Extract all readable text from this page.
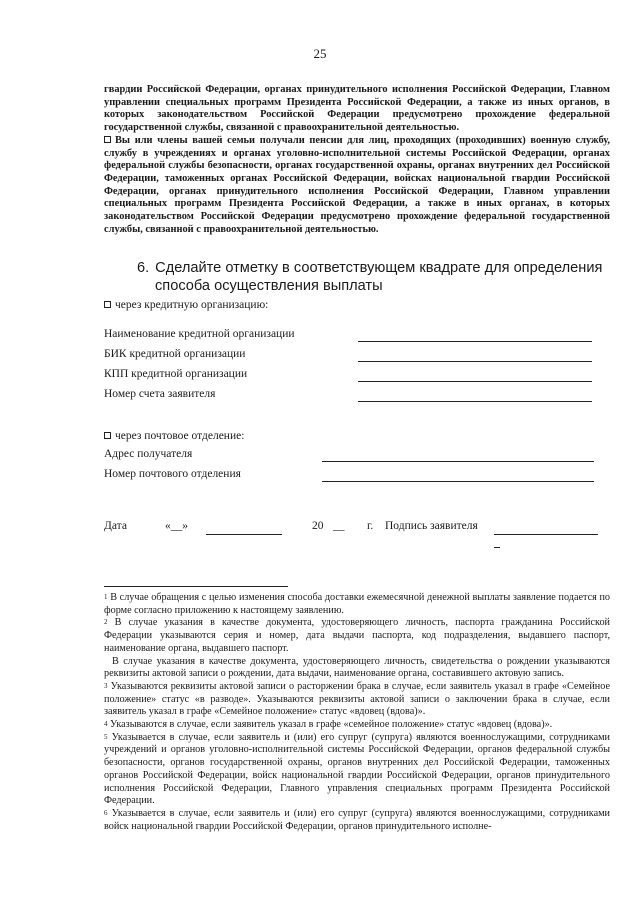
25

гвардии Российской Федерации, органах принудительного исполнения Российской Федерации, Главном управлении специальных программ Президента Российской Федерации, а также из иных органов, в которых законодательством Российской Федерации предусмотрено прохождение федеральной государственной службы, связанной с правоохранительной деятельностью.

Вы или члены вашей семьи получали пенсии для лиц, проходящих (проходивших) военную службу, службу в учреждениях и органах уголовно-исполнительной системы Российской Федерации, органах федеральной службы безопасности, органах государственной охраны, органах внутренних дел Российской Федерации, таможенных органах Российской Федерации, войсках национальной гвардии Российской Федерации, органах принудительного исполнения Российской Федерации, Главном управлении специальных программ Президента Российской Федерации, а также в иных органах, в которых законодательством Российской Федерации предусмотрено прохождение федеральной государственной службы, связанной с правоохранительной деятельностью.

6. Сделайте отметку в соответствующем квадрате для определения
способа осуществления выплаты
через кредитную организацию:
Наименование кредитной организации
БИК кредитной организации
КПП кредитной организации
Номер счета заявителя
через почтовое отделение:
Адрес получателя
Номер почтового отделения
Дата	«__»	20 __ г. Подпись заявителя

$^1$ В случае обращения с целью изменения способа доставки ежемесячной денежной выплаты заявление подается по форме согласно приложению к настоящему заявлению.

$^2$ В случае указания в качестве документа, удостоверяющего личность, паспорта гражданина Российской Федерации указываются серия и номер, дата выдачи паспорта, код подразделения, выдавшего паспорт, наименование органа, выдавшего паспорт.

В случае указания в качестве документа, удостоверяющего личность, свидетельства о рождении указываются реквизиты актовой записи о рождении, дата выдачи, наименование органа, составившего актовую запись.

$^3$ Указываются реквизиты актовой записи о расторжении брака в случае, если заявитель указал в графе «Семейное положение» статус «в разводе». Указываются реквизиты актовой записи о заключении брака в случае, если заявитель указал в графе «Семейное положение» статус «вдовец (вдова)».

$^4$ Указываются в случае, если заявитель указал в графе «семейное положение» статус «вдовец (вдова)».

$^5$ Указывается в случае, если заявитель и (или) его супруг (супруга) являются военнослужащими, сотрудниками учреждений и органов уголовно-исполнительной системы Российской Федерации, органов федеральной службы безопасности, органов государственной охраны, органов внутренних дел Российской Федерации, таможенных органов Российской Федерации, войск национальной гвардии Российской Федерации, органов принудительного исполнения Российской Федерации, Главного управления специальных программ Президента Российской Федерации.

$^6$ Указывается в случае, если заявитель и (или) его супруг (супруга) являются военнослужащими, сотрудниками войск национальной гвардии Российской Федерации, органов принудительного исполне-
